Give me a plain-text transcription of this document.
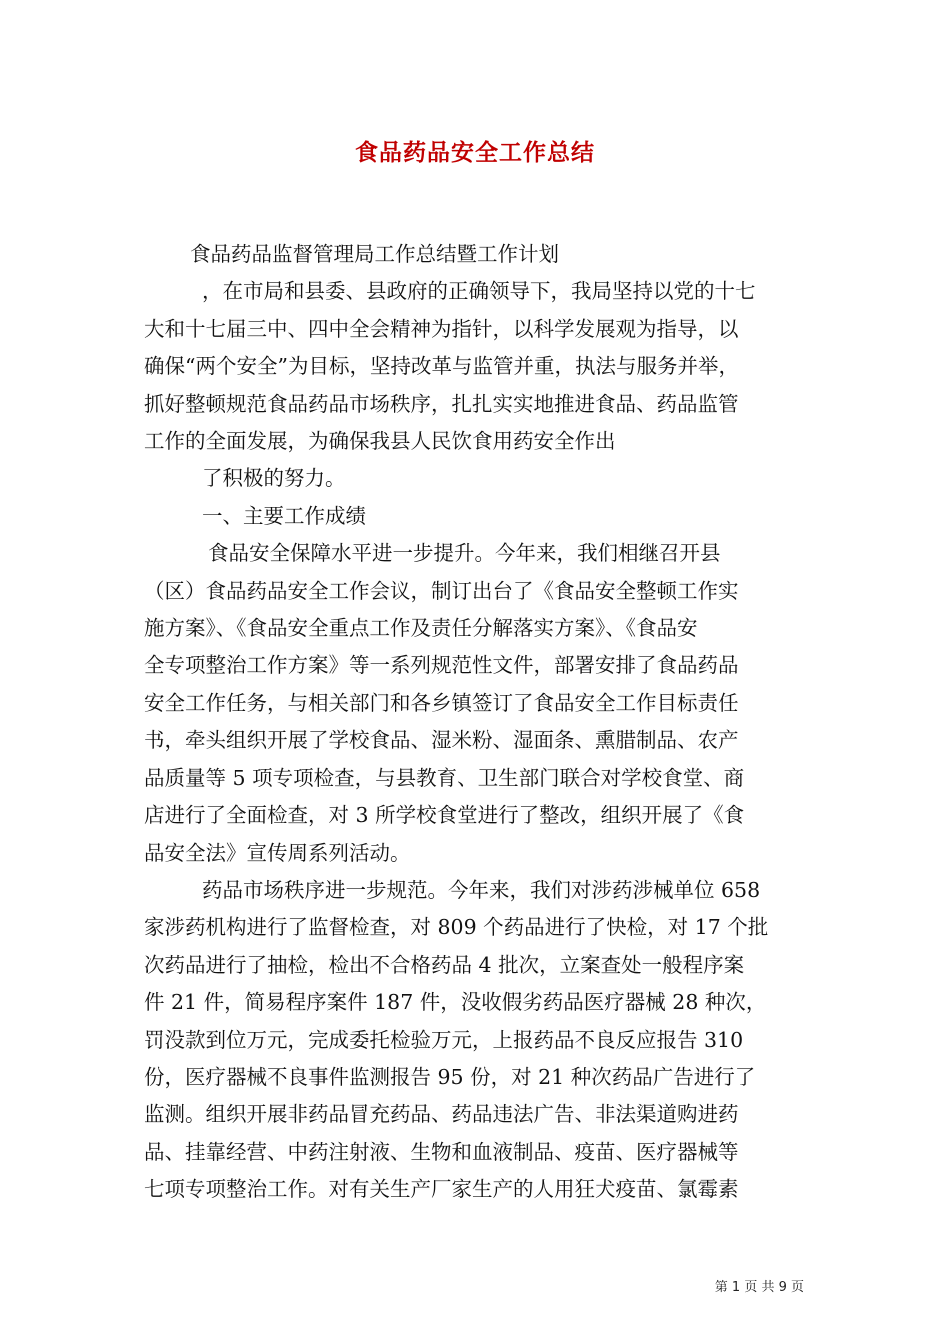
食品药品安全工作总结
食品药品监督管理局工作总结暨工作计划
，在市局和县委、县政府的正确领导下，我局坚持以党的十七
大和十七届三中、四中全会精神为指针，以科学发展观为指导，以
确保“两个安全”为目标，坚持改革与监管并重，执法与服务并举，
抓好整顿规范食品药品市场秩序，扎扎实实地推进食品、药品监管
工作的全面发展，为确保我县人民饮食用药安全作出
了积极的努力。
一、主要工作成绩
食品安全保障水平进一步提升。今年来，我们相继召开县
（区）食品药品安全工作会议，制订出台了《食品安全整顿工作实
施方案》、《食品安全重点工作及责任分解落实方案》、《食品安
全专项整治工作方案》等一系列规范性文件，部署安排了食品药品
安全工作任务，与相关部门和各乡镇签订了食品安全工作目标责任
书，牵头组织开展了学校食品、湿米粉、湿面条、熏腊制品、农产
品质量等 5 项专项检查，与县教育、卫生部门联合对学校食堂、商
店进行了全面检查，对 3 所学校食堂进行了整改，组织开展了《食
品安全法》宣传周系列活动。
药品市场秩序进一步规范。今年来，我们对涉药涉械单位 658
家涉药机构进行了监督检查，对 809 个药品进行了快检，对 17 个批
次药品进行了抽检，检出不合格药品 4 批次，立案查处一般程序案
件 21 件，简易程序案件 187 件，没收假劣药品医疗器械 28 种次，
罚没款到位万元，完成委托检验万元，上报药品不良反应报告 310
份，医疗器械不良事件监测报告 95 份，对 21 种次药品广告进行了
监测。组织开展非药品冒充药品、药品违法广告、非法渠道购进药
品、挂靠经营、中药注射液、生物和血液制品、疫苗、医疗器械等
七项专项整治工作。对有关生产厂家生产的人用狂犬疫苗、氯霉素
第 1 页 共 9 页
